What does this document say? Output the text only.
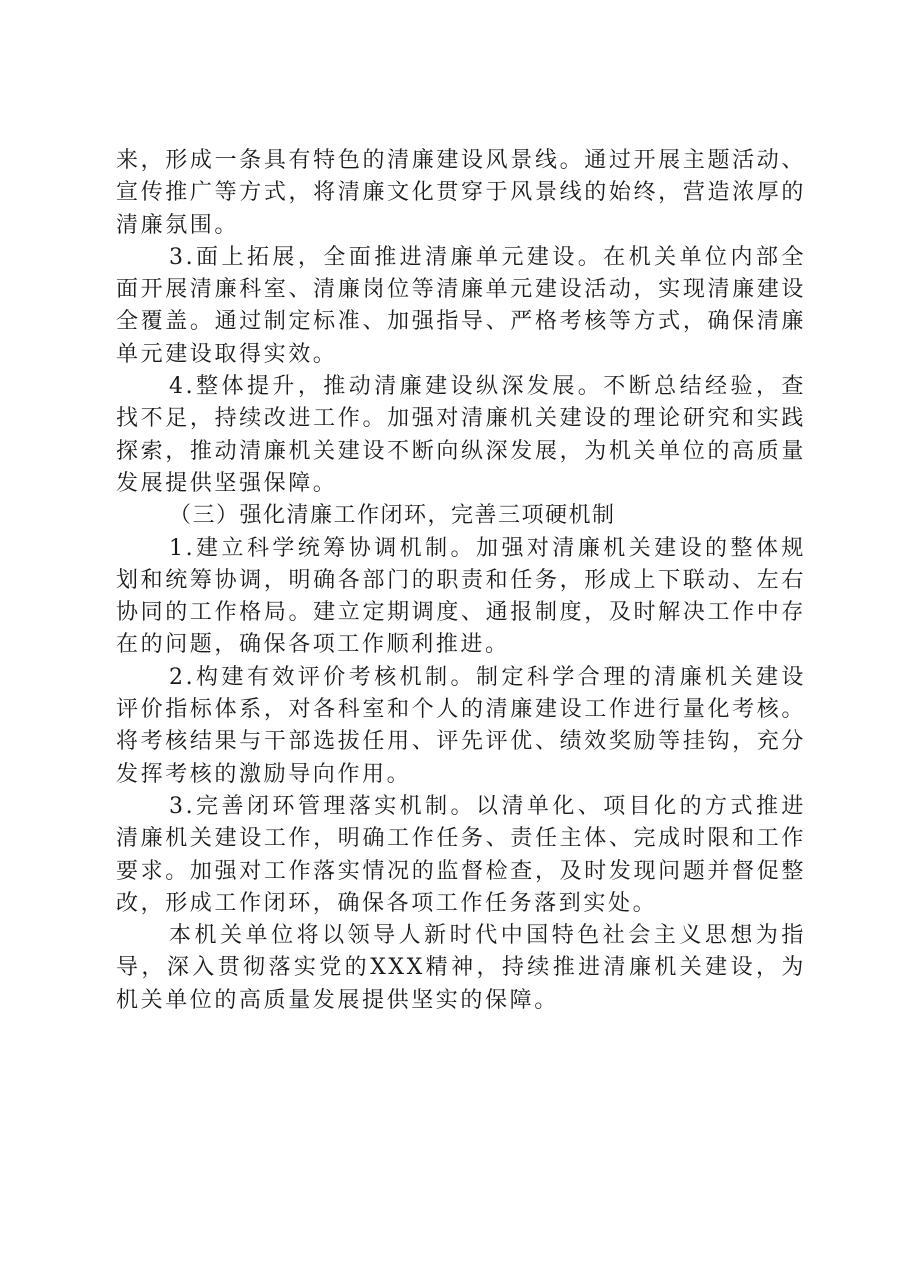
来，形成一条具有特色的清廉建设风景线。通过开展主题活动、宣传推广等方式，将清廉文化贯穿于风景线的始终，营造浓厚的清廉氛围。

3.面上拓展，全面推进清廉单元建设。在机关单位内部全面开展清廉科室、清廉岗位等清廉单元建设活动，实现清廉建设全覆盖。通过制定标准、加强指导、严格考核等方式，确保清廉单元建设取得实效。

4.整体提升，推动清廉建设纵深发展。不断总结经验，查找不足，持续改进工作。加强对清廉机关建设的理论研究和实践探索，推动清廉机关建设不断向纵深发展，为机关单位的高质量发展提供坚强保障。

（三）强化清廉工作闭环，完善三项硬机制

1.建立科学统筹协调机制。加强对清廉机关建设的整体规划和统筹协调，明确各部门的职责和任务，形成上下联动、左右协同的工作格局。建立定期调度、通报制度，及时解决工作中存在的问题，确保各项工作顺利推进。

2.构建有效评价考核机制。制定科学合理的清廉机关建设评价指标体系，对各科室和个人的清廉建设工作进行量化考核。将考核结果与干部选拔任用、评先评优、绩效奖励等挂钩，充分发挥考核的激励导向作用。

3.完善闭环管理落实机制。以清单化、项目化的方式推进清廉机关建设工作，明确工作任务、责任主体、完成时限和工作要求。加强对工作落实情况的监督检查，及时发现问题并督促整改，形成工作闭环，确保各项工作任务落到实处。

本机关单位将以领导人新时代中国特色社会主义思想为指导，深入贯彻落实党的XXX精神，持续推进清廉机关建设，为机关单位的高质量发展提供坚实的保障。
